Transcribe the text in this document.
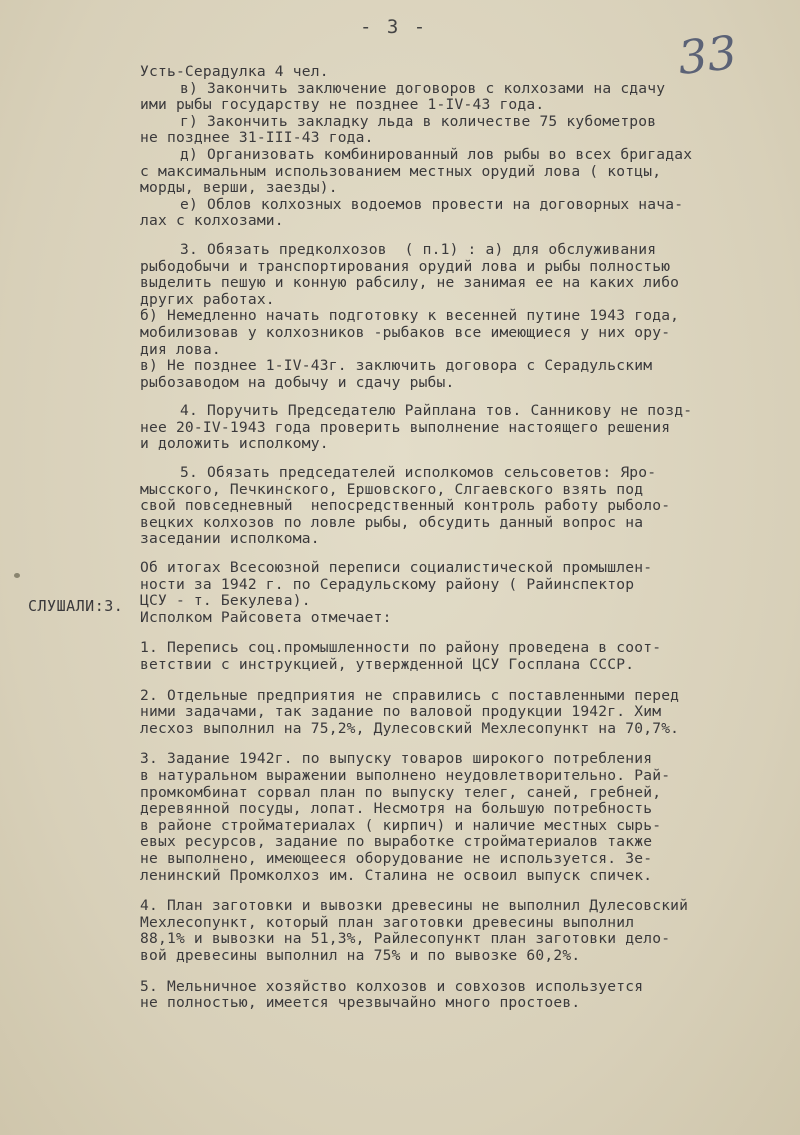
- 3 -	33
СЛУШАЛИ:3.
Усть-Серадулка 4 чел.
в) Закончить заключение договоров с колхозами на сдачу
ими рыбы государству не позднее 1-IV-43 года.
г) Закончить закладку льда в количестве 75 кубометров
не позднее 31-III-43 года.
д) Организовать комбинированный лов рыбы во всех бригадах
с максимальным использованием местных орудий лова ( котцы,
морды, верши, заезды).
е) Облов колхозных водоемов провести на договорных нача-
лах с колхозами.
3. Обязать предколхозов  ( п.1) : а) для обслуживания
рыбодобычи и транспортирования орудий лова и рыбы полностью
выделить пешую и конную рабсилу, не занимая ее на каких либо
других работах.
б) Немедленно начать подготовку к весенней путине 1943 года,
мобилизовав у колхозников -рыбаков все имеющиеся у них ору-
дия лова.
в) Не позднее 1-IV-43г. заключить договора с Серадульским
рыбозаводом на добычу и сдачу рыбы.
4. Поручить Председателю Райплана тов. Санникову не позд-
нее 20-IV-1943 года проверить выполнение настоящего решения
и доложить исполкому.
5. Обязать председателей исполкомов сельсоветов: Яро-
мысского, Печкинского, Ершовского, Слгаевского взять под
свой повседневный  непосредственный контроль работу рыболо-
вецких колхозов по ловле рыбы, обсудить данный вопрос на
заседании исполкома.
Об итогах Всесоюзной переписи социалистической промышлен-
ности за 1942 г. по Серадульскому району ( Райинспектор
ЦСУ - т. Бекулева).
Исполком Райсовета отмечает:
1. Перепись соц.промышленности по району проведена в соот-
ветствии с инструкцией, утвержденной ЦСУ Госплана СССР.
2. Отдельные предприятия не справились с поставленными перед
ними задачами, так задание по валовой продукции 1942г. Хим
лесхоз выполнил на 75,2%, Дулесовский Мехлесопункт на 70,7%.
3. Задание 1942г. по выпуску товаров широкого потребления
в натуральном выражении выполнено неудовлетворительно. Рай-
промкомбинат сорвал план по выпуску телег, саней, гребней,
деревянной посуды, лопат. Несмотря на большую потребность
в районе стройматериалах ( кирпич) и наличие местных сырь-
евых ресурсов, задание по выработке стройматериалов также
не выполнено, имеющееся оборудование не используется. Зе-
ленинский Промколхоз им. Сталина не освоил выпуск спичек.
4. План заготовки и вывозки древесины не выполнил Дулесовский
Мехлесопункт, который план заготовки древесины выполнил
88,1% и вывозки на 51,3%, Райлесопункт план заготовки дело-
вой древесины выполнил на 75% и по вывозке 60,2%.
5. Мельничное хозяйство колхозов и совхозов используется
не полностью, имеется чрезвычайно много простоев.
